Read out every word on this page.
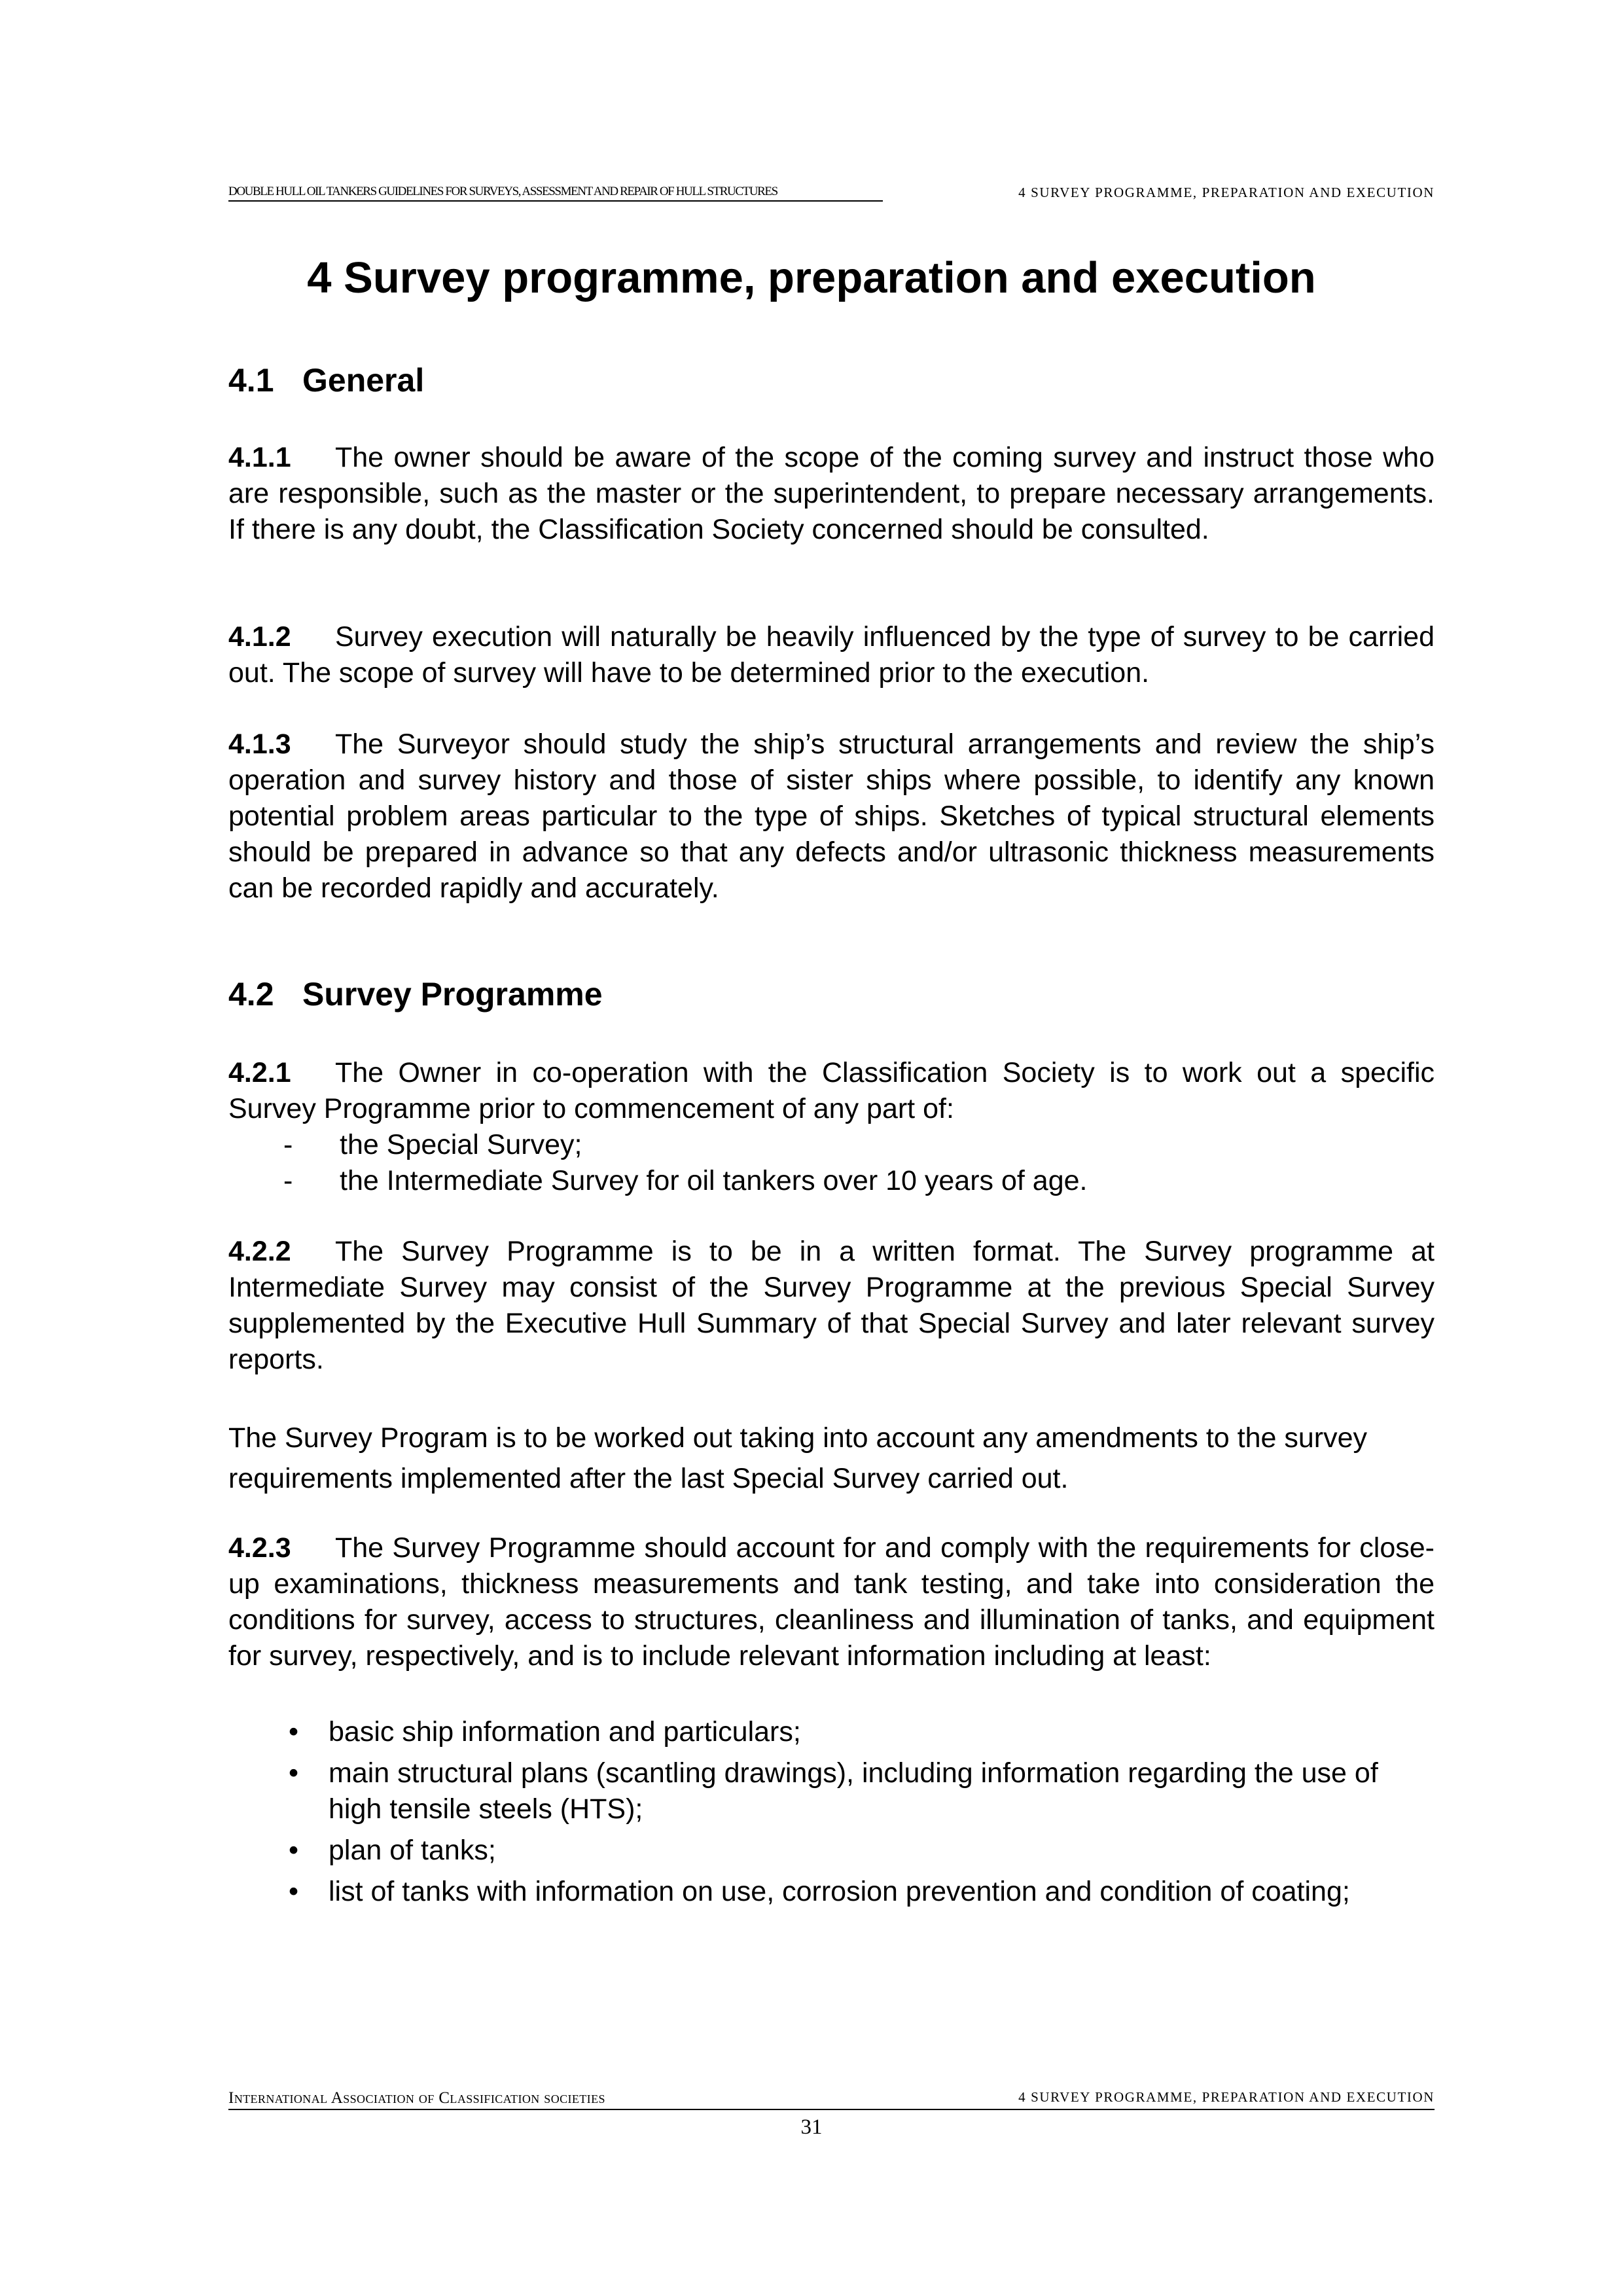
DOUBLE HULL OIL TANKERS GUIDELINES FOR SURVEYS, ASSESSMENT AND REPAIR OF HULL STRUCTURES	4 SURVEY PROGRAMME, PREPARATION AND EXECUTION
4 Survey programme, preparation and execution
4.1 General

4.1.1 The owner should be aware of the scope of the coming survey and instruct those who are responsible, such as the master or the superintendent, to prepare necessary arrangements. If there is any doubt, the Classification Society concerned should be consulted.

4.1.2 Survey execution will naturally be heavily influenced by the type of survey to be carried out. The scope of survey will have to be determined prior to the execution.

4.1.3 The Surveyor should study the ship’s structural arrangements and review the ship’s operation and survey history and those of sister ships where possible, to identify any known potential problem areas particular to the type of ships. Sketches of typical structural elements should be prepared in advance so that any defects and/or ultrasonic thickness measurements can be recorded rapidly and accurately.

4.2 Survey Programme

4.2.1 The Owner in co-operation with the Classification Society is to work out a specific Survey Programme prior to commencement of any part of:

- the Special Survey;
- the Intermediate Survey for oil tankers over 10 years of age.

4.2.2 The Survey Programme is to be in a written format. The Survey programme at Intermediate Survey may consist of the Survey Programme at the previous Special Survey supplemented by the Executive Hull Summary of that Special Survey and later relevant survey reports.

The Survey Program is to be worked out taking into account any amendments to the survey requirements implemented after the last Special Survey carried out.

4.2.3 The Survey Programme should account for and comply with the requirements for close-up examinations, thickness measurements and tank testing, and take into consideration the conditions for survey, access to structures, cleanliness and illumination of tanks, and equipment for survey, respectively, and is to include relevant information including at least:

• basic ship information and particulars;
• main structural plans (scantling drawings), including information regarding the use of high tensile steels (HTS);
• plan of tanks;
• list of tanks with information on use, corrosion prevention and condition of coating;
International Association of Classification societies	4 SURVEY PROGRAMME, PREPARATION AND EXECUTION
31
